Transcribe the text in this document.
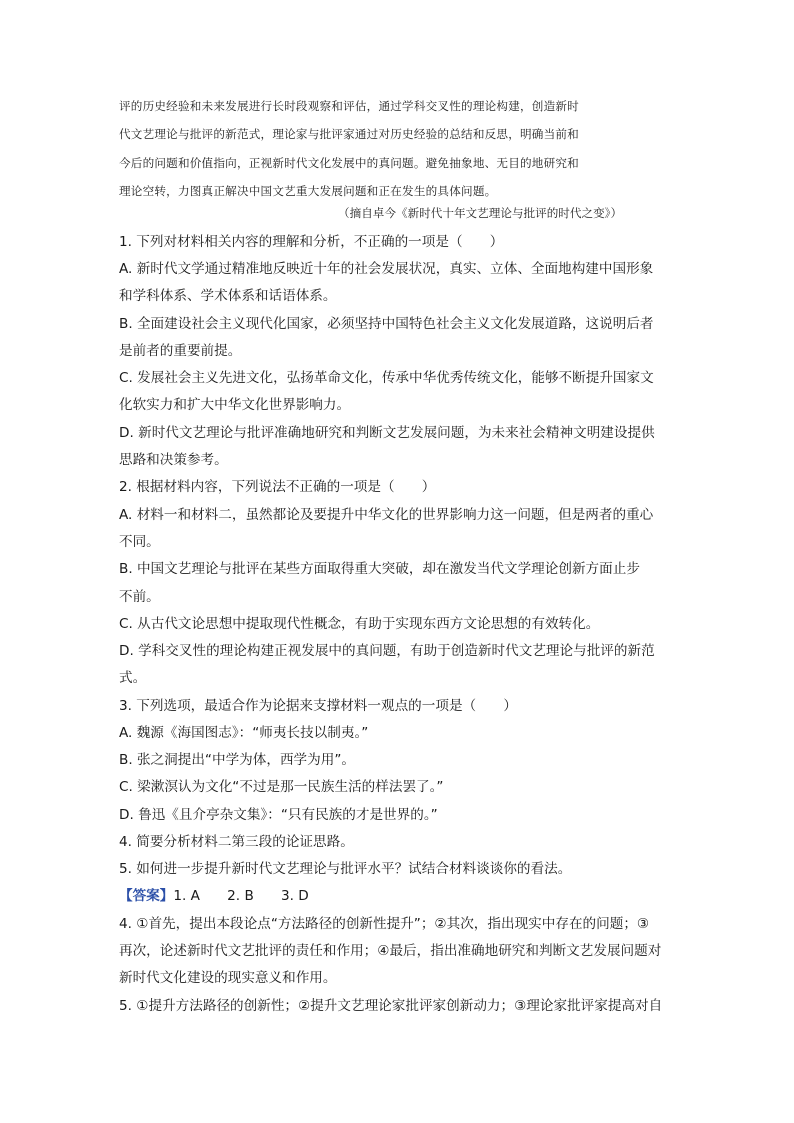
评的历史经验和未来发展进行长时段观察和评估，通过学科交叉性的理论构建，创造新时
代文艺理论与批评的新范式，理论家与批评家通过对历史经验的总结和反思，明确当前和
今后的问题和价值指向，正视新时代文化发展中的真问题。避免抽象地、无目的地研究和
理论空转，力图真正解决中国文艺重大发展问题和正在发生的具体问题。
（摘自卓今《新时代十年文艺理论与批评的时代之变》）
1. 下列对材料相关内容的理解和分析，不正确的一项是（　　）
A. 新时代文学通过精准地反映近十年的社会发展状况，真实、立体、全面地构建中国形象
和学科体系、学术体系和话语体系。
B. 全面建设社会主义现代化国家，必须坚持中国特色社会主义文化发展道路，这说明后者
是前者的重要前提。
C. 发展社会主义先进文化，弘扬革命文化，传承中华优秀传统文化，能够不断提升国家文
化软实力和扩大中华文化世界影响力。
D. 新时代文艺理论与批评准确地研究和判断文艺发展问题，为未来社会精神文明建设提供
思路和决策参考。
2. 根据材料内容，下列说法不正确的一项是（　　）
A. 材料一和材料二，虽然都论及要提升中华文化的世界影响力这一问题，但是两者的重心
不同。
B. 中国文艺理论与批评在某些方面取得重大突破，却在激发当代文学理论创新方面止步
不前。
C. 从古代文论思想中提取现代性概念，有助于实现东西方文论思想的有效转化。
D. 学科交叉性的理论构建正视发展中的真问题，有助于创造新时代文艺理论与批评的新范
式。
3. 下列选项，最适合作为论据来支撑材料一观点的一项是（　　）
A. 魏源《海国图志》：“师夷长技以制夷。”
B. 张之洞提出“中学为体，西学为用”。
C. 梁漱溟认为文化“不过是那一民族生活的样法罢了。”
D. 鲁迅《且介亭杂文集》：“只有民族的才是世界的。”
4. 简要分析材料二第三段的论证思路。
5. 如何进一步提升新时代文艺理论与批评水平？试结合材料谈谈你的看法。
【答案】1. A　　2. B　　3. D
4. ①首先，提出本段论点“方法路径的创新性提升”；②其次，指出现实中存在的问题；③
再次，论述新时代文艺批评的责任和作用；④最后，指出准确地研究和判断文艺发展问题对
新时代文化建设的现实意义和作用。
5. ①提升方法路径的创新性；②提升文艺理论家批评家创新动力；③理论家批评家提高对自
